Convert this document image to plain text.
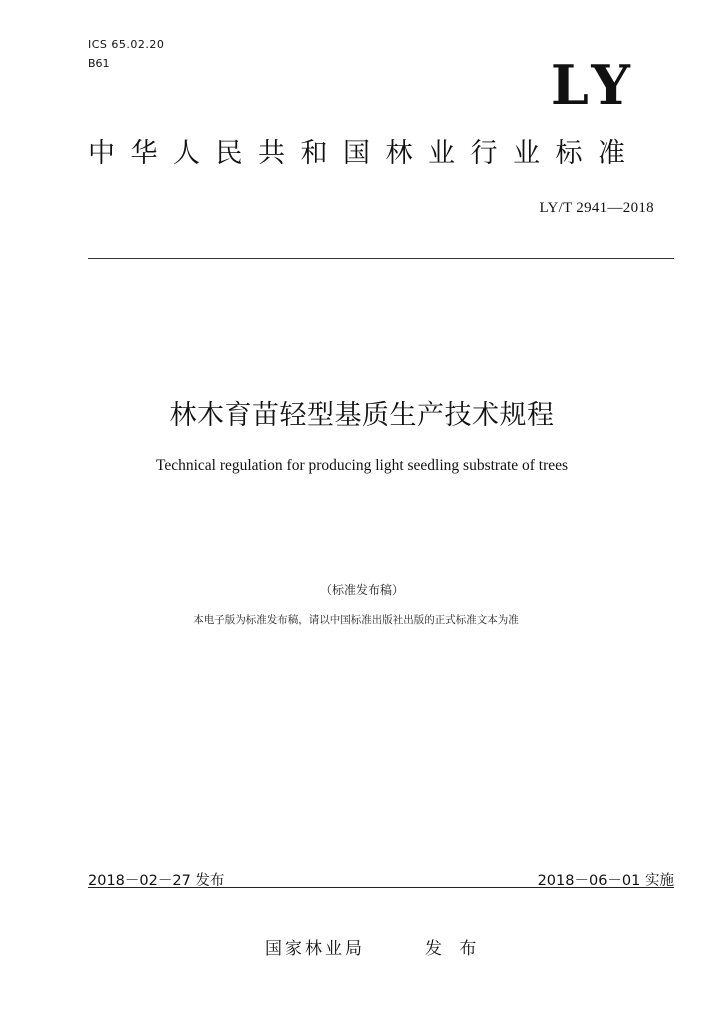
ICS 65.02.20
B61	LY
中华人民共和国林业行业标准
LY/T 2941—2018
林木育苗轻型基质生产技术规程
Technical regulation for producing light seedling substrate of trees
（标准发布稿）
本电子版为标准发布稿，请以中国标准出版社出版的正式标准文本为准
2018－02－27 发布	2018－06－01 实施
国家林业局	发 布
